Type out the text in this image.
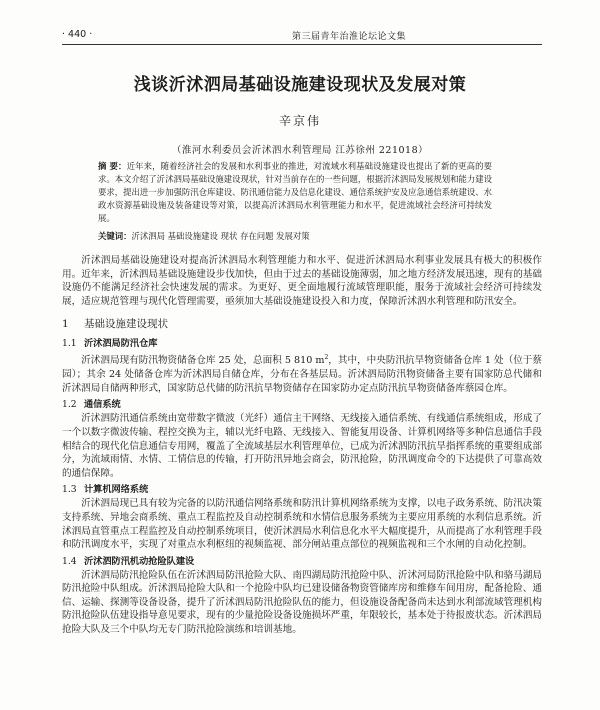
· 440 ·	第三届青年治淮论坛论文集
浅谈沂沭泗局基础设施建设现状及发展对策
辛京伟
（淮河水利委员会沂沭泗水利管理局 江苏徐州 221018）
摘 要：近年来，随着经济社会的发展和水利事业的推进，对流域水利基础设施建设也提出了新的更高的要求。本文介绍了沂沭泗局基础设施建设现状，针对当前存在的一些问题，根据沂沭泗局发展规划和能力建设要求，提出进一步加强防汛仓库建设、防汛通信能力及信息化建设、通信系统护安及应急通信系统建设、水政水资源基础设施及装备建设等对策，以提高沂沭泗局水利管理能力和水平，促进流域社会经济可持续发展。
关键词：沂沭泗局 基础设施建设 现状 存在问题 发展对策

沂沭泗局基础设施建设对提高沂沭泗局水利管理能力和水平、促进沂沭泗局水利事业发展具有极大的积极作用。近年来，沂沭泗局基础设施建设步伐加快，但由于过去的基础设施薄弱，加之地方经济发展迅速，现有的基础设施仍不能满足经济社会快速发展的需求。为更好、更全面地履行流域管理职能，服务于流域社会经济可持续发展，适应规范管理与现代化管理需要，亟须加大基础设施建设投入和力度，保障沂沭泗水利管理和防汛安全。

1 基础设施建设现状
1.1 沂沭泗局防汛仓库

沂沭泗局现有防汛物资储备仓库 25 处，总面积 5 810 $m^2$，其中，中央防汛抗旱物资储备仓库 1 处（位于蔡园）；其余 24 处储备仓库为沂沭泗局自储仓库，分布在各基层局。沂沭泗局防汛物资储备主要有国家防总代储和沂沭泗局自储两种形式，国家防总代储的防汛抗旱物资储存在国家防办定点防汛抗旱物资储备库蔡园仓库。

1.2 通信系统

沂沭泗防汛通信系统由宽带数字微波（光纤）通信主干网络、无线接入通信系统、有线通信系统组成，形成了一个以数字微波传输、程控交换为主，辅以光纤电路、无线接入、智能复用设备、计算机网络等多种信息通信手段相结合的现代化信息通信专用网，覆盖了全流域基层水利管理单位，已成为沂沭泗防汛抗旱指挥系统的重要组成部分，为流域雨情、水情、工情信息的传输，打开防汛异地会商会，防汛抢险，防汛调度命令的下达提供了可靠高效的通信保障。

1.3 计算机网络系统

沂沭泗局现已具有较为完备的以防汛通信网络系统和防汛计算机网络系统为支撑，以电子政务系统、防汛决策支持系统、异地会商系统、重点工程监控及自动控制系统和水情信息服务系统为主要应用系统的水利信息系统。沂沭泗局直管重点工程监控及自动控制系统项目，使沂沭泗局水利信息化水平大幅度提升，从而提高了水利管理手段和防汛调度水平，实现了对重点水利枢纽的视频监视、部分闸站重点部位的视频监视和三个水闸的自动化控制。

1.4 沂沭泗防汛机动抢险队建设

沂沭泗局防汛抢险队伍在沂沭泗局防汛抢险大队、南四湖局防汛抢险中队、沂沭河局防汛抢险中队和骆马湖局防汛抢险中队组成。沂沭泗局抢险大队和一个抢险中队均已建设储备物资管储库房和维修车间用房，配备抢险、通信、运输、探测等设备设备，提升了沂沭泗局防汛抢险队伍的能力，但设施设备配备尚未达到水利部流域管理机构防汛抢险队伍建设指导意见要求，现有的少量抢险设备设施损坏严重，年限较长，基本处于待报废状态。沂沭泗局抢险大队及三个中队均无专门防汛抢险演练和培训基地。
